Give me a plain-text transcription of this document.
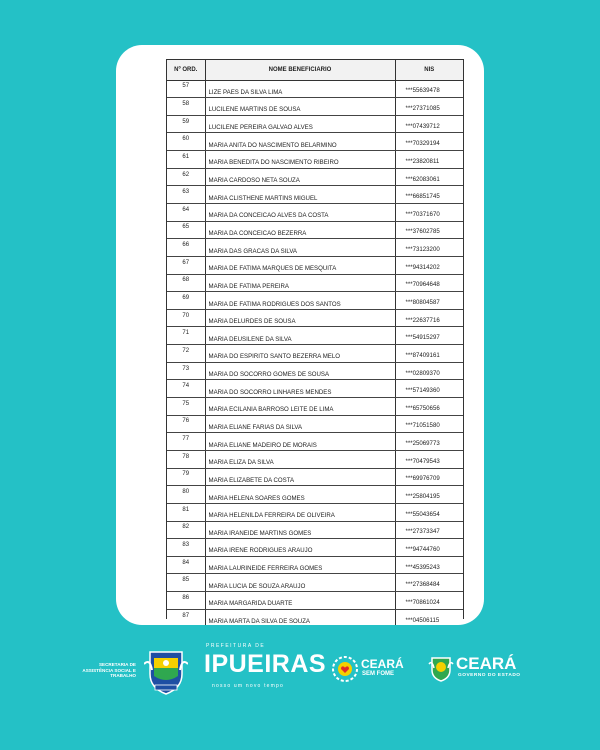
Nº ORD.	NOME BENEFICIARIO	NIS
57	LIZE PAES DA SILVA LIMA	***55639478
58	LUCILENE MARTINS DE SOUSA	***27371085
59	LUCILENE PEREIRA GALVAO ALVES	***07439712
60	MARIA ANITA DO NASCIMENTO BELARMINO	***70329194
61	MARIA BENEDITA DO NASCIMENTO RIBEIRO	***23820811
62	MARIA CARDOSO NETA SOUZA	***62083061
63	MARIA CLISTHENE MARTINS MIGUEL	***66851745
64	MARIA DA CONCEICAO ALVES DA COSTA	***70371670
65	MARIA DA CONCEICAO BEZERRA	***37602785
66	MARIA DAS GRACAS DA SILVA	***73123200
67	MARIA DE FATIMA MARQUES DE MESQUITA	***94314202
68	MARIA DE FATIMA PEREIRA	***70964648
69	MARIA DE FATIMA RODRIGUES DOS SANTOS	***80804587
70	MARIA DELURDES DE SOUSA	***22637716
71	MARIA DEUSILENE DA SILVA	***54915297
72	MARIA DO ESPIRITO SANTO BEZERRA MELO	***87409161
73	MARIA DO SOCORRO GOMES DE SOUSA	***02809370
74	MARIA DO SOCORRO LINHARES MENDES	***57149360
75	MARIA ECILANIA BARROSO LEITE DE LIMA	***65750656
76	MARIA ELIANE FARIAS DA SILVA	***71051580
77	MARIA ELIANE MADEIRO DE MORAIS	***25069773
78	MARIA ELIZA DA SILVA	***70479543
79	MARIA ELIZABETE DA COSTA	***69976709
80	MARIA HELENA SOARES GOMES	***25804195
81	MARIA HELENILDA FERREIRA DE OLIVEIRA	***55043654
82	MARIA IRANEIDE MARTINS GOMES	***27373347
83	MARIA IRENE RODRIGUES ARAUJO	***94744760
84	MARIA LAURINEIDE FERREIRA GOMES	***45395243
85	MARIA LUCIA DE SOUZA ARAUJO	***27368484
86	MARIA MARGARIDA DUARTE	***70861024
87	MARIA MARTA DA SILVA DE SOUZA	***04506115

SECRETARIA DE ASSISTÊNCIA SOCIAL E TRABALHO
PREFEITURA DE
IPUEIRAS
nosso um novo tempo
CEARÁ
SEM FOME
CEARÁ
GOVERNO DO ESTADO
